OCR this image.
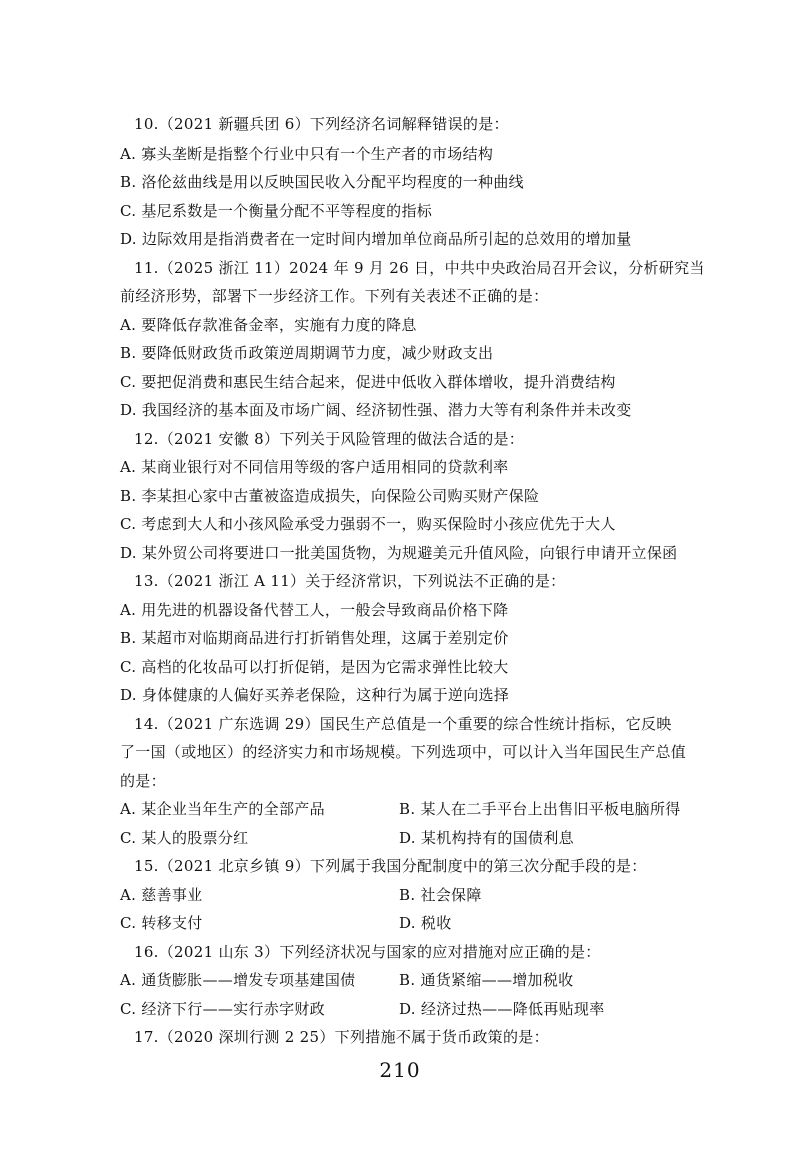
10.（2021 新疆兵团 6）下列经济名词解释错误的是：
A. 寡头垄断是指整个行业中只有一个生产者的市场结构
B. 洛伦兹曲线是用以反映国民收入分配平均程度的一种曲线
C. 基尼系数是一个衡量分配不平等程度的指标
D. 边际效用是指消费者在一定时间内增加单位商品所引起的总效用的增加量
11.（2025 浙江 11）2024 年 9 月 26 日，中共中央政治局召开会议，分析研究当
前经济形势，部署下一步经济工作。下列有关表述不正确的是：
A. 要降低存款准备金率，实施有力度的降息
B. 要降低财政货币政策逆周期调节力度，减少财政支出
C. 要把促消费和惠民生结合起来，促进中低收入群体增收，提升消费结构
D. 我国经济的基本面及市场广阔、经济韧性强、潜力大等有利条件并未改变
12.（2021 安徽 8）下列关于风险管理的做法合适的是：
A. 某商业银行对不同信用等级的客户适用相同的贷款利率
B. 李某担心家中古董被盗造成损失，向保险公司购买财产保险
C. 考虑到大人和小孩风险承受力强弱不一，购买保险时小孩应优先于大人
D. 某外贸公司将要进口一批美国货物，为规避美元升值风险，向银行申请开立保函
13.（2021 浙江 A 11）关于经济常识，下列说法不正确的是：
A. 用先进的机器设备代替工人，一般会导致商品价格下降
B. 某超市对临期商品进行打折销售处理，这属于差别定价
C. 高档的化妆品可以打折促销，是因为它需求弹性比较大
D. 身体健康的人偏好买养老保险，这种行为属于逆向选择
14.（2021 广东选调 29）国民生产总值是一个重要的综合性统计指标，它反映
了一国（或地区）的经济实力和市场规模。下列选项中，可以计入当年国民生产总值
的是：
A. 某企业当年生产的全部产品	B. 某人在二手平台上出售旧平板电脑所得
C. 某人的股票分红	D. 某机构持有的国债利息
15.（2021 北京乡镇 9）下列属于我国分配制度中的第三次分配手段的是：
A. 慈善事业	B. 社会保障
C. 转移支付	D. 税收
16.（2021 山东 3）下列经济状况与国家的应对措施对应正确的是：
A. 通货膨胀——增发专项基建国债	B. 通货紧缩——增加税收
C. 经济下行——实行赤字财政	D. 经济过热——降低再贴现率
17.（2020 深圳行测 2 25）下列措施不属于货币政策的是：
210
